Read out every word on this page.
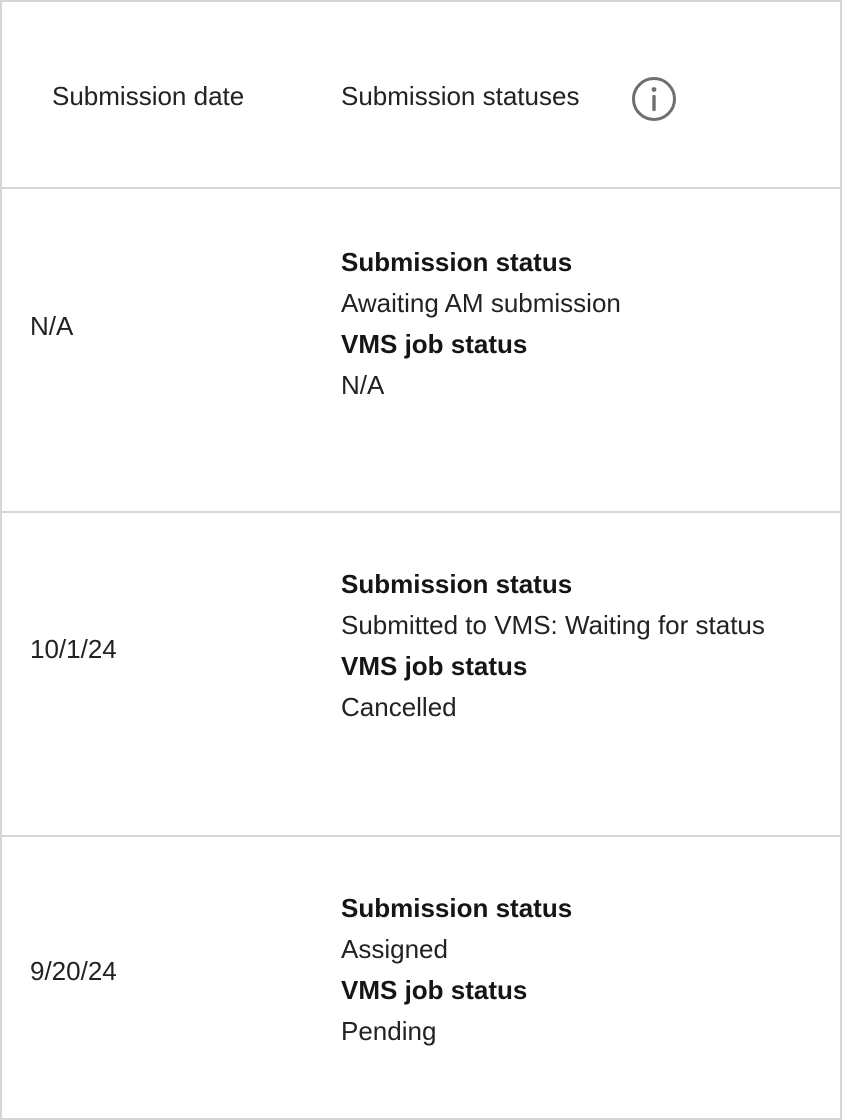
Submission date	Submission statuses
N/A
Submission status
Awaiting AM submission
VMS job status
N/A
10/1/24
Submission status
Submitted to VMS: Waiting for status
VMS job status
Cancelled
9/20/24
Submission status
Assigned
VMS job status
Pending
